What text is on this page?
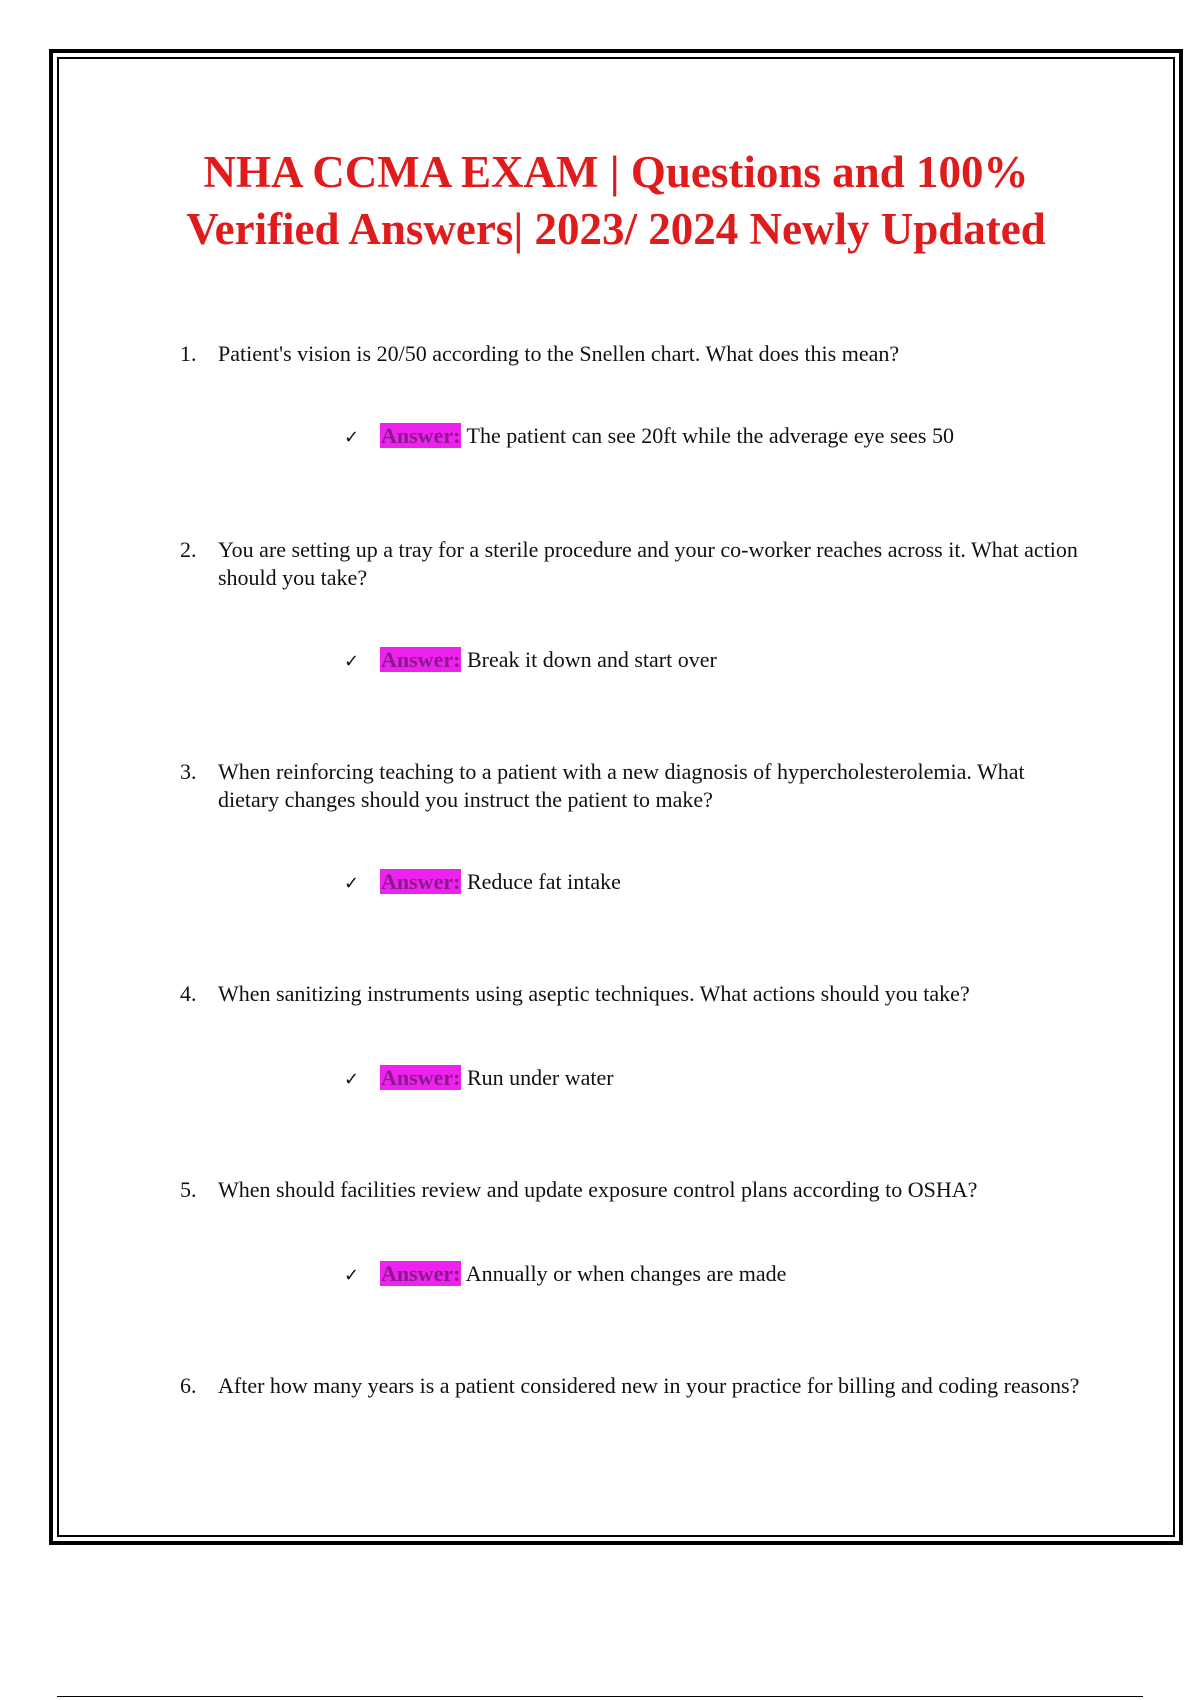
NHA CCMA EXAM | Questions and 100%
Verified Answers| 2023/ 2024 Newly Updated
1. Patient's vision is 20/50 according to the Snellen chart. What does this mean?
✓ Answer: The patient can see 20ft while the adverage eye sees 50
2. You are setting up a tray for a sterile procedure and your co-worker reaches across it. What action should you take?
✓ Answer: Break it down and start over
3. When reinforcing teaching to a patient with a new diagnosis of hypercholesterolemia. What dietary changes should you instruct the patient to make?
✓ Answer: Reduce fat intake
4. When sanitizing instruments using aseptic techniques. What actions should you take?
✓ Answer: Run under water
5. When should facilities review and update exposure control plans according to OSHA?
✓ Answer: Annually or when changes are made
6. After how many years is a patient considered new in your practice for billing and coding reasons?
